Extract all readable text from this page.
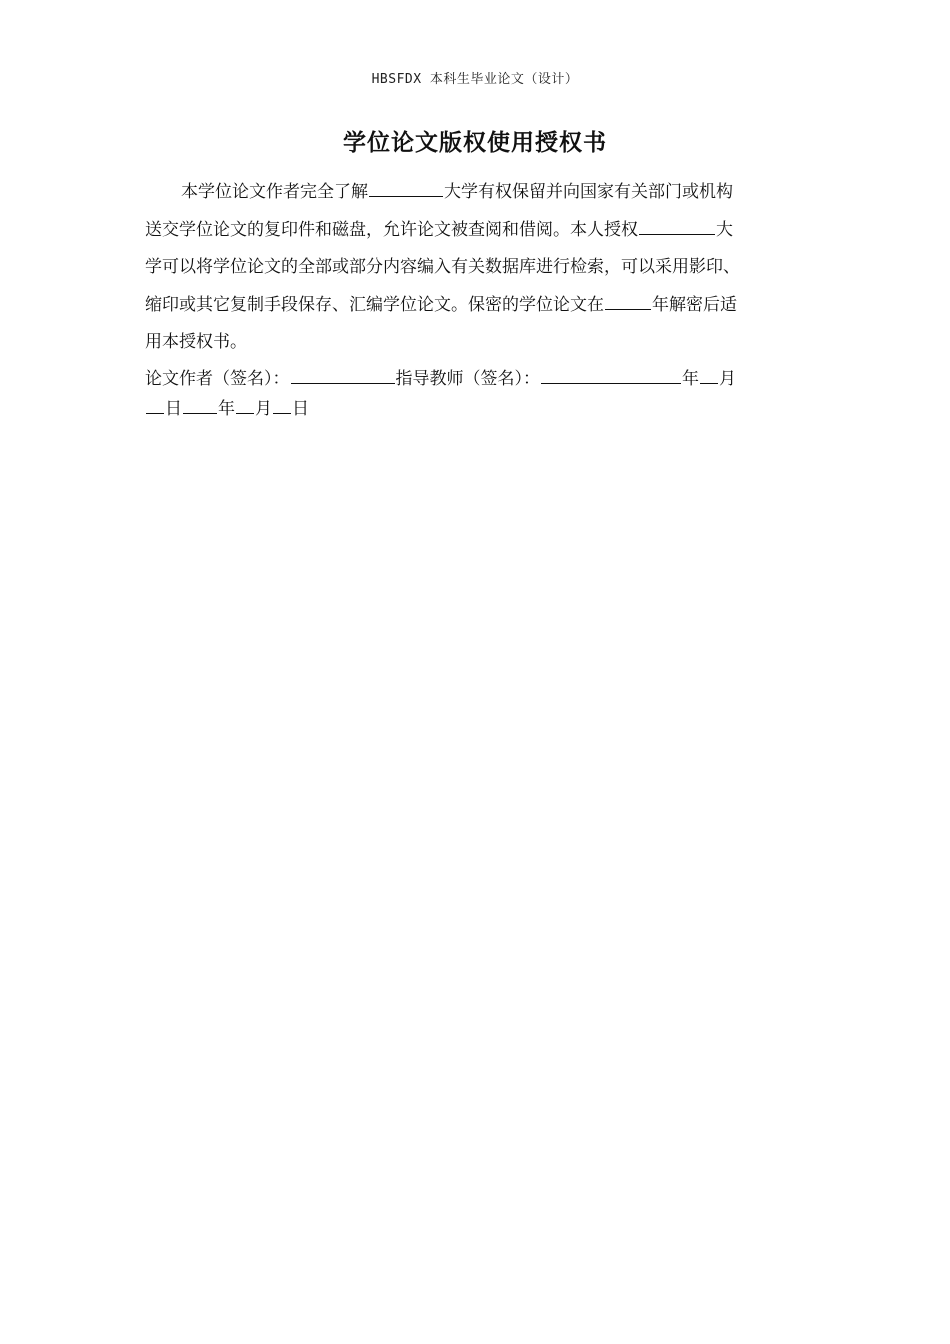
HBSFDX 本科生毕业论文（设计）
学位论文版权使用授权书
本学位论文作者完全了解	大学有权保留并向国家有关部门或机构
送交学位论文的复印件和磁盘，允许论文被查阅和借阅。本人授权	大
学可以将学位论文的全部或部分内容编入有关数据库进行检索，可以采用影印、
缩印或其它复制手段保存、汇编学位论文。保密的学位论文在	年解密后适
用本授权书。
论文作者（签名）：	指导教师（签名）：	年 月
日 年 月 日
